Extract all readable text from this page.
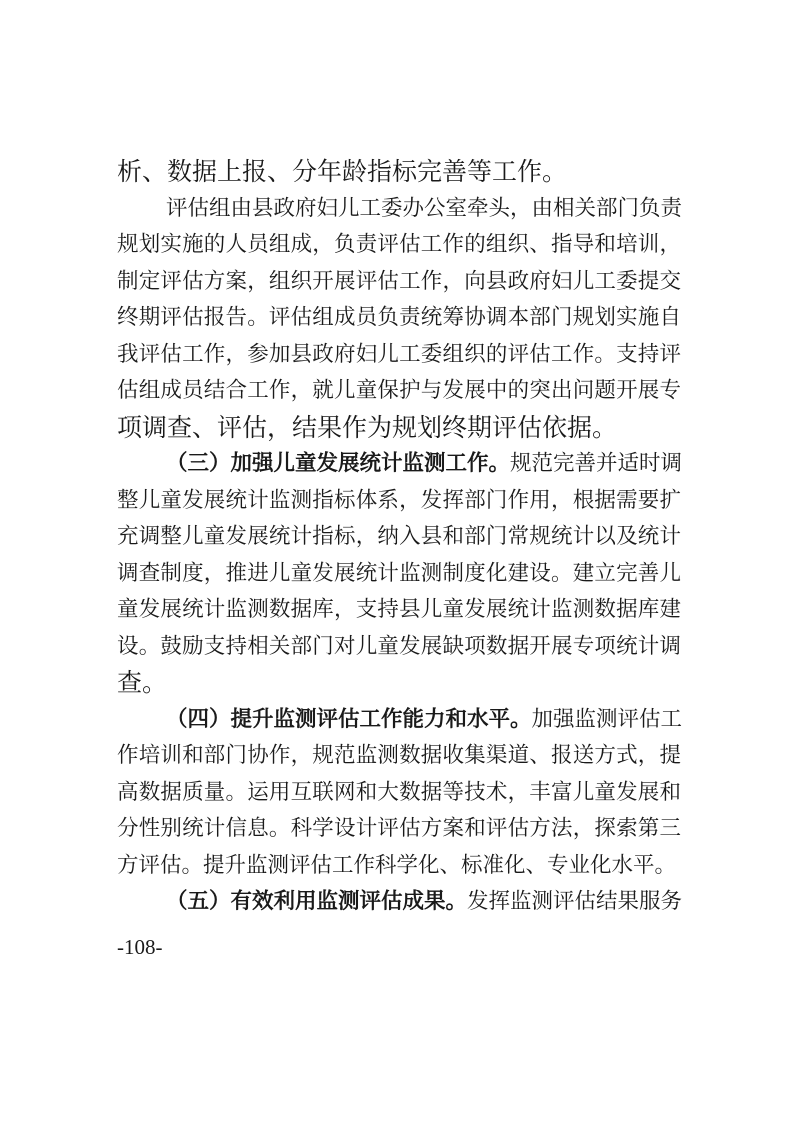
析、数据上报、分年龄指标完善等工作。
评估组由县政府妇儿工委办公室牵头，由相关部门负责
规划实施的人员组成，负责评估工作的组织、指导和培训，
制定评估方案，组织开展评估工作，向县政府妇儿工委提交
终期评估报告。评估组成员负责统筹协调本部门规划实施自
我评估工作，参加县政府妇儿工委组织的评估工作。支持评
估组成员结合工作，就儿童保护与发展中的突出问题开展专
项调查、评估，结果作为规划终期评估依据。
（三）加强儿童发展统计监测工作。规范完善并适时调
整儿童发展统计监测指标体系，发挥部门作用，根据需要扩
充调整儿童发展统计指标，纳入县和部门常规统计以及统计
调查制度，推进儿童发展统计监测制度化建设。建立完善儿
童发展统计监测数据库，支持县儿童发展统计监测数据库建
设。鼓励支持相关部门对儿童发展缺项数据开展专项统计调
查。
（四）提升监测评估工作能力和水平。加强监测评估工
作培训和部门协作，规范监测数据收集渠道、报送方式，提
高数据质量。运用互联网和大数据等技术，丰富儿童发展和
分性别统计信息。科学设计评估方案和评估方法，探索第三
方评估。提升监测评估工作科学化、标准化、专业化水平。
（五）有效利用监测评估成果。发挥监测评估结果服务
-108-
